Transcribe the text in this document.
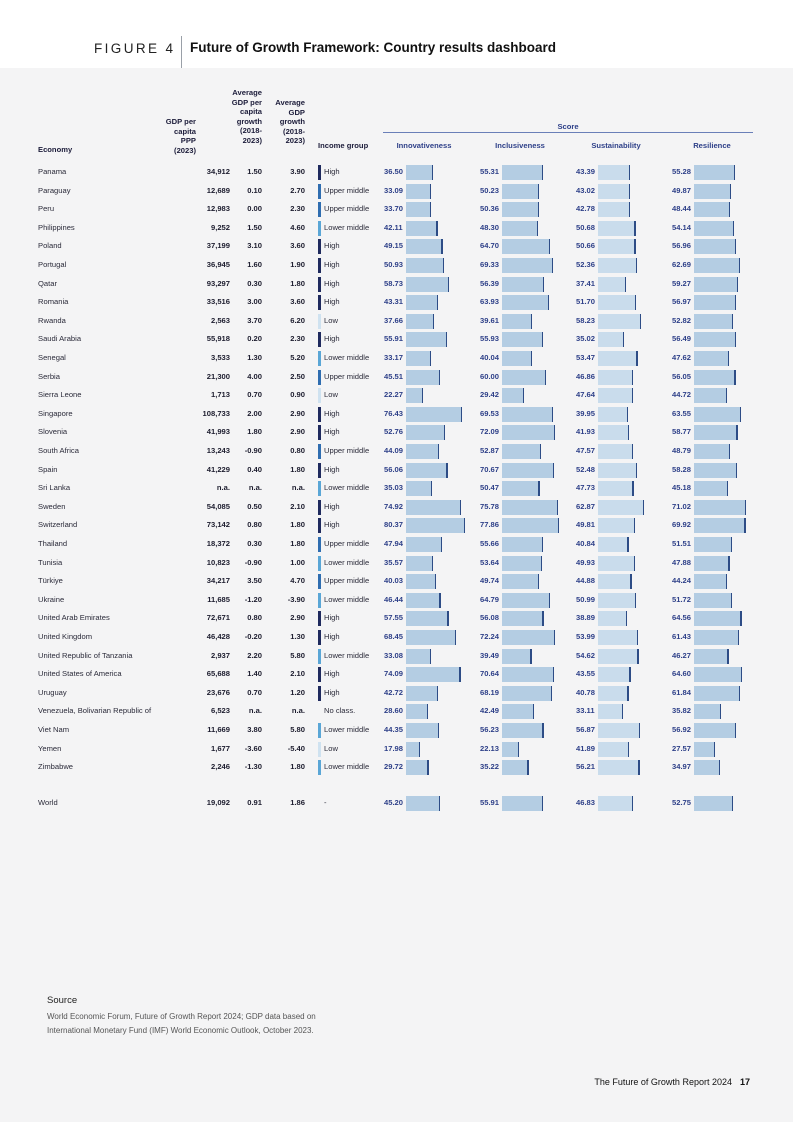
FIGURE 4 Future of Growth Framework: Country results dashboard
Economy
GDP per capita PPP (2023)
Average GDP per capita growth (2018-2023)
Average GDP growth (2018-2023)
Income group
Score
Innovativeness	Inclusiveness	Sustainability	Resilience
Panama	34,912 1.50	3.90	High	36.50	55.31	43.39	55.28
Paraguay	12,689 0.10	2.70	Upper middle 33.09	50.23	43.02	49.87
Peru	12,983 0.00	2.30	Upper middle 33.70	50.36	42.78	48.44
Philippines	9,252 1.50	4.60	Lower middle 42.11	48.30	50.68	54.14
Poland	37,199 3.10	3.60	High	49.15	64.70	50.66	56.96
Portugal	36,945 1.60	1.90	High	50.93	69.33	52.36	62.69
Qatar	93,297 0.30	1.80	High	58.73	56.39	37.41	59.27
Romania	33,516 3.00	3.60	High	43.31	63.93	51.70	56.97
Rwanda	2,563 3.70	6.20	Low	37.66	39.61	58.23	52.82
Saudi Arabia	55,918 0.20	2.30	High	55.91	55.93	35.02	56.49
Senegal	3,533 1.30	5.20	Lower middle 33.17	40.04	53.47	47.62
Serbia	21,300 4.00	2.50	Upper middle 45.51	60.00	46.86	56.05
Sierra Leone	1,713 0.70	0.90	Low	22.27	29.42	47.64	44.72
Singapore	108,733 2.00	2.90	High	76.43	69.53	39.95	63.55
Slovenia	41,993 1.80	2.90	High	52.76	72.09	41.93	58.77
South Africa	13,243 -0.90	0.80	Upper middle 44.09	52.87	47.57	48.79
Spain	41,229 0.40	1.80	High	56.06	70.67	52.48	58.28
Sri Lanka	n.a. n.a.	n.a.	Lower middle 35.03	50.47	47.73	45.18
Sweden	54,085 0.50	2.10	High	74.92	75.78	62.87	71.02
Switzerland	73,142 0.80	1.80	High	80.37	77.86	49.81	69.92
Thailand	18,372 0.30	1.80	Upper middle 47.94	55.66	40.84	51.51
Tunisia	10,823 -0.90	1.00	Lower middle 35.57	53.64	49.93	47.88
Türkiye	34,217 3.50	4.70	Upper middle 40.03	49.74	44.88	44.24
Ukraine	11,685 -1.20	-3.90	Lower middle 46.44	64.79	50.99	51.72
United Arab Emirates	72,671 0.80	2.90	High	57.55	56.08	38.89	64.56
United Kingdom	46,428 -0.20	1.30	High	68.45	72.24	53.99	61.43
United Republic of Tanzania	2,937 2.20	5.80	Lower middle 33.08	39.49	54.62	46.27
United States of America	65,688 1.40	2.10	High	74.09	70.64	43.55	64.60
Uruguay	23,676 0.70	1.20	High	42.72	68.19	40.78	61.84
Venezuela, Bolivarian Republic of	6,523 n.a.	n.a.	No class.	28.60	42.49	33.11	35.82
Viet Nam	11,669 3.80	5.80	Lower middle 44.35	56.23	56.87	56.92
Yemen	1,677 -3.60	-5.40	Low	17.98	22.13	41.89	27.57
Zimbabwe	2,246 -1.30	1.80	Lower middle 29.72	35.22	56.21	34.97
World	19,092 0.91	1.86	-	45.20	55.91	46.83	52.75
Source
World Economic Forum, Future of Growth Report 2024; GDP data based on International Monetary Fund (IMF) World Economic Outlook, October 2023.
The Future of Growth Report 2024 17
